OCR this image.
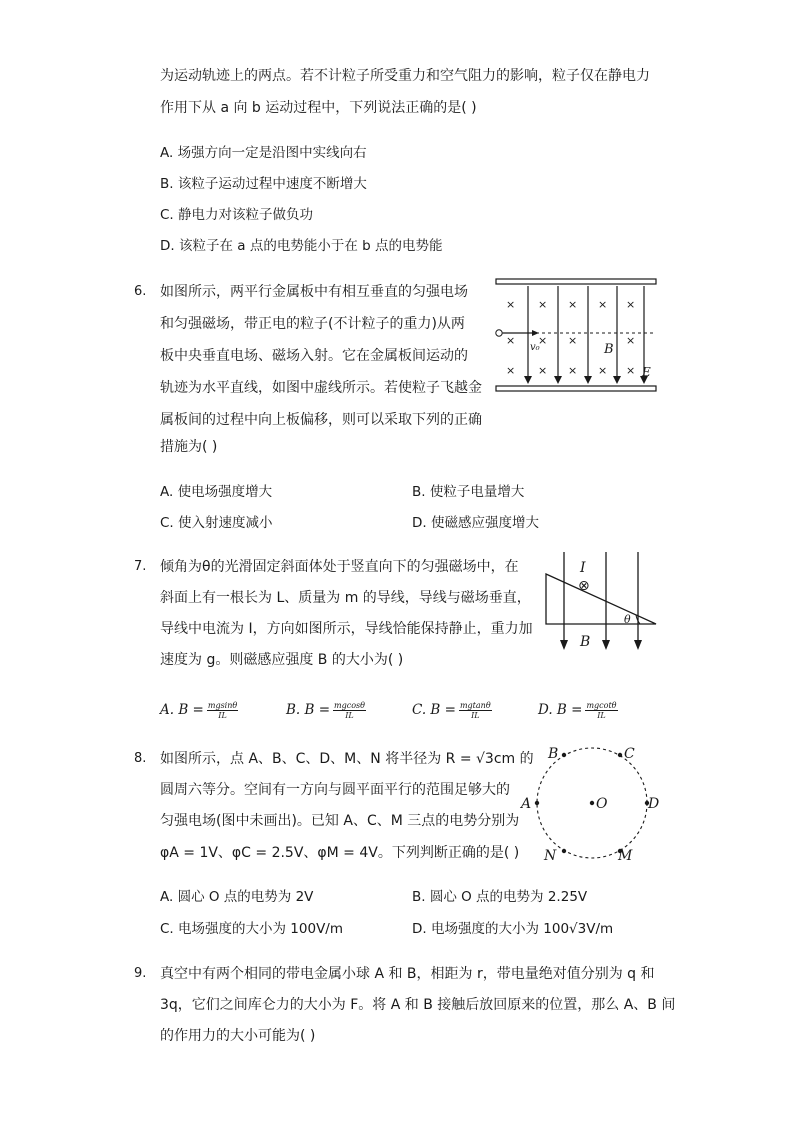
为运动轨迹上的两点。若不计粒子所受重力和空气阻力的影响，粒子仅在静电力
作用下从 a 向 b 运动过程中，下列说法正确的是( )
A. 场强方向一定是沿图中实线向右
B. 该粒子运动过程中速度不断增大
C. 静电力对该粒子做负功
D. 该粒子在 a 点的电势能小于在 b 点的电势能
6. 如图所示，两平行金属板中有相互垂直的匀强电场
和匀强磁场，带正电的粒子(不计粒子的重力)从两
板中央垂直电场、磁场入射。它在金属板间运动的
轨迹为水平直线，如图中虚线所示。若使粒子飞越金
属板间的过程中向上板偏移，则可以采取下列的正确
措施为( )
× × × × ×
× × ×	×
× × × × ×
v₀	B
E
A. 使电场强度增大	B. 使粒子电量增大
C. 使入射速度减小	D. 使磁感应强度增大
7. 倾角为θ的光滑固定斜面体处于竖直向下的匀强磁场中，在
斜面上有一根长为 L、质量为 m 的导线，导线与磁场垂直，
导线中电流为 I，方向如图所示，导线恰能保持静止，重力加
速度为 g。则磁感应强度 B 的大小为( )
I
⊗
θ
B
A. $B = \frac{mgsin\theta}{IL}$	B. $B = \frac{mgcos\theta}{IL}$	C. $B = \frac{mgtan\theta}{IL}$	D. $B = \frac{mgcot\theta}{IL}$
8. 如图所示，点 A、B、C、D、M、N 将半径为 R = √3cm 的
圆周六等分。空间有一方向与圆平面平行的范围足够大的
匀强电场(图中未画出)。已知 A、C、M 三点的电势分别为
φA = 1V、φC = 2.5V、φM = 4V。下列判断正确的是( )
A	D
B	C
N	M
O
A. 圆心 O 点的电势为 2V	B. 圆心 O 点的电势为 2.25V
C. 电场强度的大小为 100V/m	D. 电场强度的大小为 100√3V/m
9. 真空中有两个相同的带电金属小球 A 和 B，相距为 r，带电量绝对值分别为 q 和
3q，它们之间库仑力的大小为 F。将 A 和 B 接触后放回原来的位置，那么 A、B 间
的作用力的大小可能为( )
